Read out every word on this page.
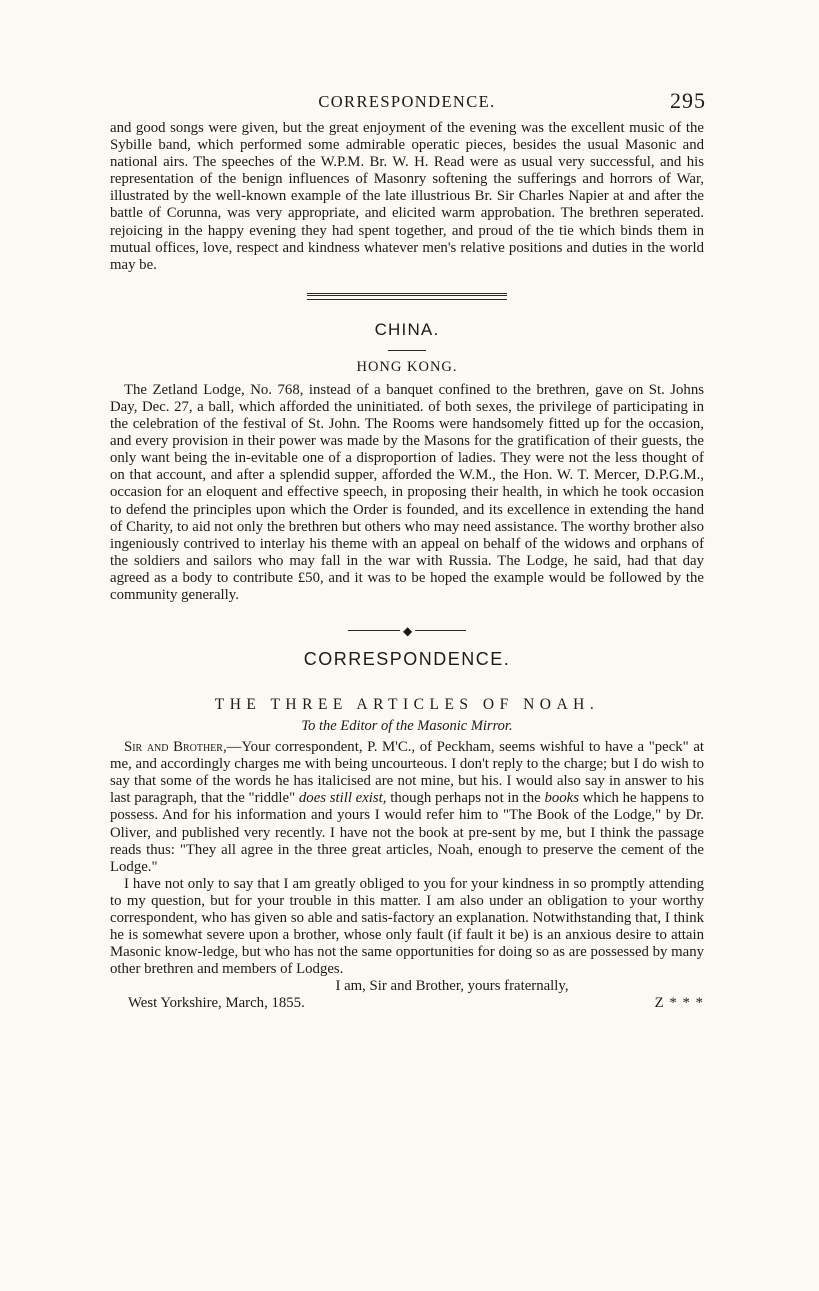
CORRESPONDENCE.	295

and good songs were given, but the great enjoyment of the evening was the excellent music of the Sybille band, which performed some admirable operatic pieces, besides the usual Masonic and national airs. The speeches of the W.P.M. Br. W. H. Read were as usual very successful, and his representation of the benign influences of Masonry softening the sufferings and horrors of War, illustrated by the well-known example of the late illustrious Br. Sir Charles Napier at and after the battle of Corunna, was very appropriate, and elicited warm approbation. The brethren seperated. rejoicing in the happy evening they had spent together, and proud of the tie which binds them in mutual offices, love, respect and kindness whatever men's relative positions and duties in the world may be.

CHINA.
HONG KONG.

The Zetland Lodge, No. 768, instead of a banquet confined to the brethren, gave on St. Johns Day, Dec. 27, a ball, which afforded the uninitiated. of both sexes, the privilege of participating in the celebration of the festival of St. John. The Rooms were handsomely fitted up for the occasion, and every provision in their power was made by the Masons for the gratification of their guests, the only want being the in-evitable one of a disproportion of ladies. They were not the less thought of on that account, and after a splendid supper, afforded the W.M., the Hon. W. T. Mercer, D.P.G.M., occasion for an eloquent and effective speech, in proposing their health, in which he took occasion to defend the principles upon which the Order is founded, and its excellence in extending the hand of Charity, to aid not only the brethren but others who may need assistance. The worthy brother also ingeniously contrived to interlay his theme with an appeal on behalf of the widows and orphans of the soldiers and sailors who may fall in the war with Russia. The Lodge, he said, had that day agreed as a body to contribute £50, and it was to be hoped the example would be followed by the community generally.

◆
CORRESPONDENCE.
THE THREE ARTICLES OF NOAH.
To the Editor of the Masonic Mirror.

Sir and Brother,—Your correspondent, P. M'C., of Peckham, seems wishful to have a "peck" at me, and accordingly charges me with being uncourteous. I don't reply to the charge; but I do wish to say that some of the words he has italicised are not mine, but his. I would also say in answer to his last paragraph, that the "riddle" does still exist, though perhaps not in the books which he happens to possess. And for his information and yours I would refer him to "The Book of the Lodge," by Dr. Oliver, and published very recently. I have not the book at pre-sent by me, but I think the passage reads thus: "They all agree in the three great articles, Noah, enough to preserve the cement of the Lodge."

I have not only to say that I am greatly obliged to you for your kindness in so promptly attending to my question, but for your trouble in this matter. I am also under an obligation to your worthy correspondent, who has given so able and satis-factory an explanation. Notwithstanding that, I think he is somewhat severe upon a brother, whose only fault (if fault it be) is an anxious desire to attain Masonic know-ledge, but who has not the same opportunities for doing so as are possessed by many other brethren and members of Lodges.

I am, Sir and Brother, yours fraternally,

West Yorkshire, March, 1855.	Z * * *
